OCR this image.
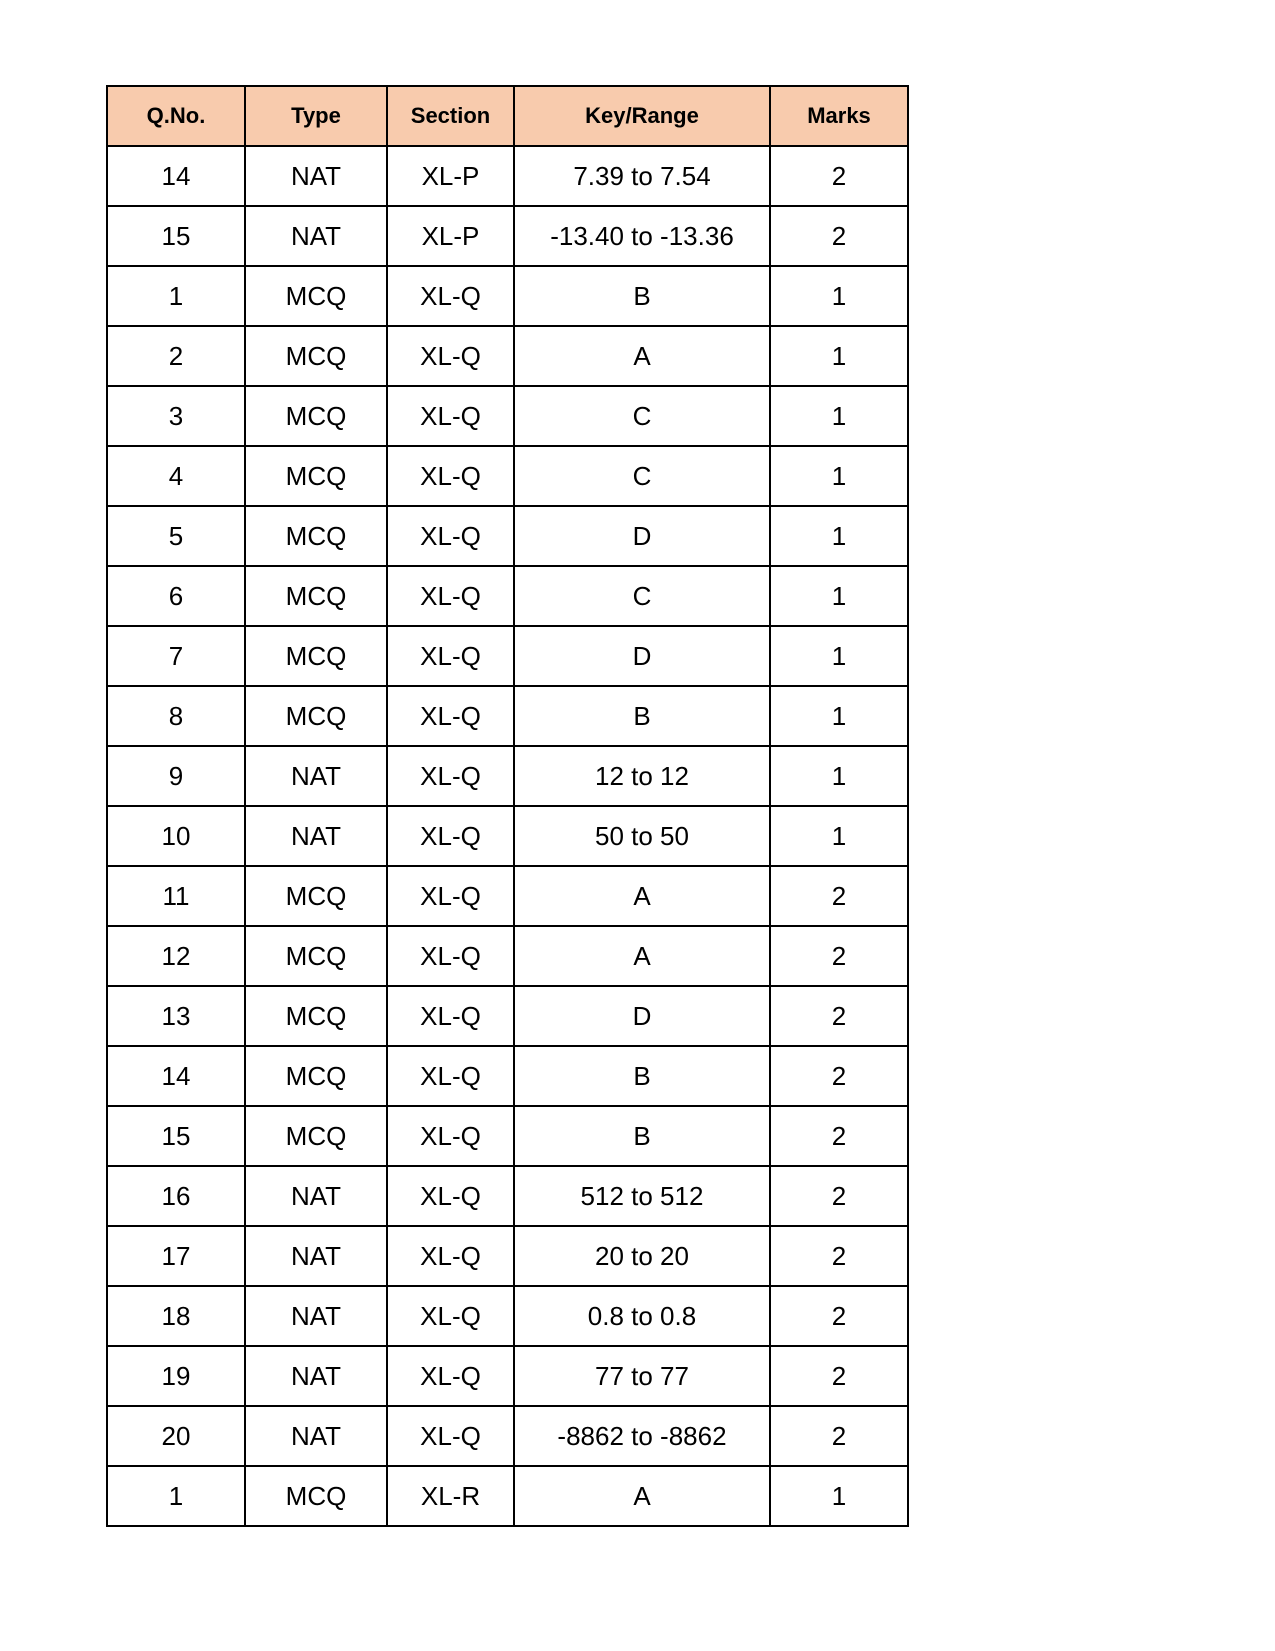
Q.No.	Type	Section	Key/Range	Marks
14	NAT	XL-P	7.39 to 7.54	2
15	NAT	XL-P	-13.40 to -13.36	2
1	MCQ	XL-Q	B	1
2	MCQ	XL-Q	A	1
3	MCQ	XL-Q	C	1
4	MCQ	XL-Q	C	1
5	MCQ	XL-Q	D	1
6	MCQ	XL-Q	C	1
7	MCQ	XL-Q	D	1
8	MCQ	XL-Q	B	1
9	NAT	XL-Q	12 to 12	1
10	NAT	XL-Q	50 to 50	1
11	MCQ	XL-Q	A	2
12	MCQ	XL-Q	A	2
13	MCQ	XL-Q	D	2
14	MCQ	XL-Q	B	2
15	MCQ	XL-Q	B	2
16	NAT	XL-Q	512 to 512	2
17	NAT	XL-Q	20 to 20	2
18	NAT	XL-Q	0.8 to 0.8	2
19	NAT	XL-Q	77 to 77	2
20	NAT	XL-Q	-8862 to -8862	2
1	MCQ	XL-R	A	1
